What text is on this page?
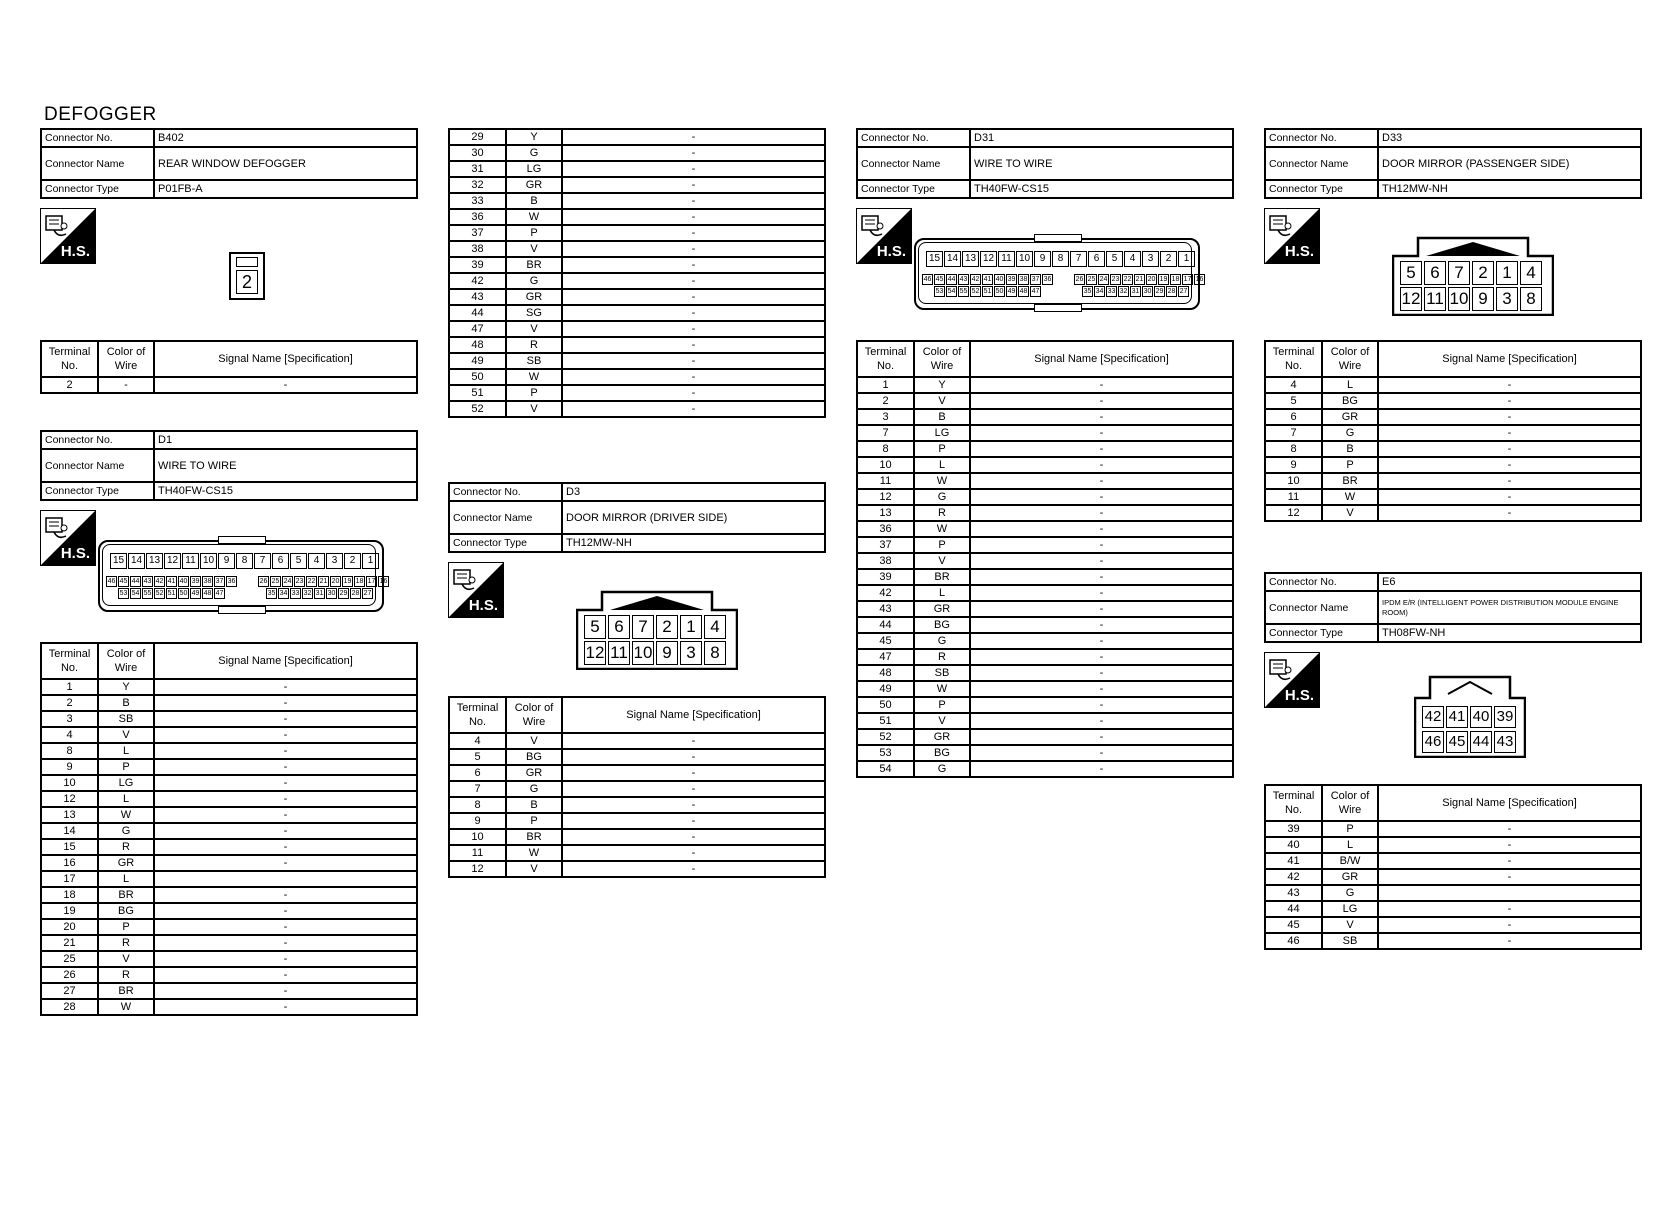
DEFOGGER
Connector No.	B402
Connector Name	REAR WINDOW DEFOGGER
Connector Type	P01FB-A
H.S.
2
Terminal No.	Color of Wire	Signal Name [Specification]
2	-	-
Connector No.	D1
Connector Name	WIRE TO WIRE
Connector Type	TH40FW-CS15
H.S. 15 14 13 12 11 10 9 8 7 6 5 4 3 2 1
46 45 44 43 42 41 40 39 38 37 36	26 25 24 23 22 21 20 19 18 17 16
53 54 55 52 51 50 49 48 47	35 34 33 32 31 30 29 28 27
Terminal No.	Color of Wire	Signal Name [Specification]
1	Y	-
2	B	-
3	SB	-
4	V	-
8	L	-
9	P	-
10	LG	-
12	L	-
13	W	-
14	G	-
15	R	-
16	GR	-
17	L	
18	BR	-
19	BG	-
20	P	-
21	R	-
25	V	-
26	R	-
27	BR	-
28	W	-
29	Y	-
30	G	-
31	LG	-
32	GR	-
33	B	-
36	W	-
37	P	-
38	V	-
39	BR	-
42	G	-
43	GR	-
44	SG	-
47	V	-
48	R	-
49	SB	-
50	W	-
51	P	-
52	V	-
Connector No.	D3
Connector Name	DOOR MIRROR (DRIVER SIDE)
Connector Type	TH12MW-NH
H.S.
5 6 7 2 1 4
12 11 10 9 3 8
Terminal No.	Color of Wire	Signal Name [Specification]
4	V	-
5	BG	-
6	GR	-
7	G	-
8	B	-
9	P	-
10	BR	-
11	W	-
12	V	-
Connector No.	D31
Connector Name	WIRE TO WIRE
Connector Type	TH40FW-CS15
H.S. 15 14 13 12 11 10 9 8 7 6 5 4 3 2 1
46 45 44 43 42 41 40 39 38 37 36	26 25 24 23 22 21 20 19 18 17 16
53 54 55 52 51 50 49 48 47	35 34 33 32 31 30 29 28 27
Terminal No.	Color of Wire	Signal Name [Specification]
1	Y	-
2	V	-
3	B	-
7	LG	-
8	P	-
10	L	-
11	W	-
12	G	-
13	R	-
36	W	-
37	P	-
38	V	-
39	BR	-
42	L	-
43	GR	-
44	BG	-
45	G	-
47	R	-
48	SB	-
49	W	-
50	P	-
51	V	-
52	GR	-
53	BG	-
54	G	-
Connector No.	D33
Connector Name	DOOR MIRROR (PASSENGER SIDE)
Connector Type	TH12MW-NH
H.S.
5 6 7 2 1 4
12 11 10 9 3 8
Terminal No.	Color of Wire	Signal Name [Specification]
4	L	-
5	BG	-
6	GR	-
7	G	-
8	B	-
9	P	-
10	BR	-
11	W	-
12	V	-
Connector No.	E6
Connector Name	IPDM E/R (INTELLIGENT POWER DISTRIBUTION MODULE ENGINE ROOM)
Connector Type	TH08FW-NH
H.S.
42 41 40 39
46 45 44 43
Terminal No.	Color of Wire	Signal Name [Specification]
39	P	-
40	L	-
41	B/W	-
42	GR	-
43	G	
44	LG	-
45	V	-
46	SB	-
